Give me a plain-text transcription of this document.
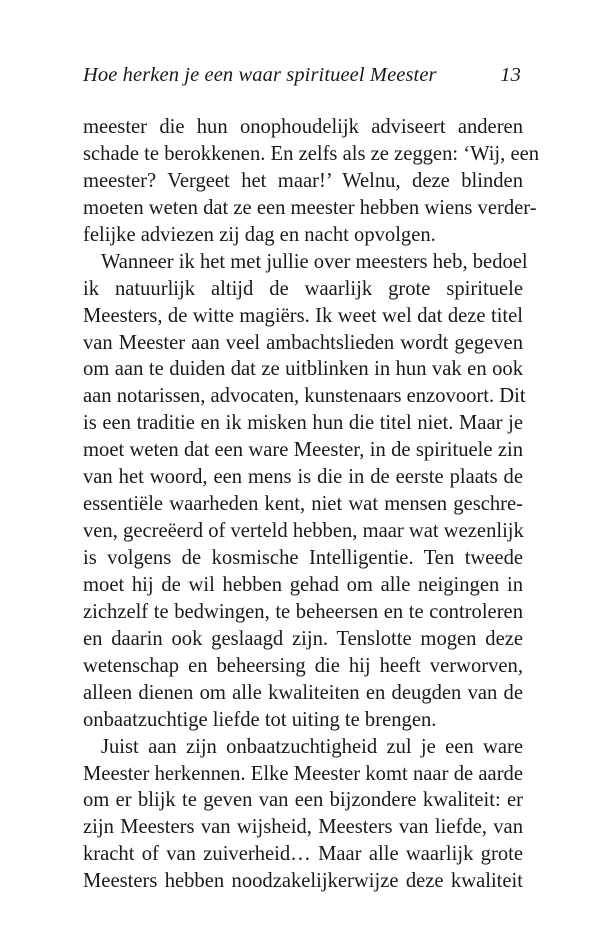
Hoe herken je een waar spiritueel Meester	13
meester die hun onophoudelijk adviseert anderen
schade te berokkenen. En zelfs als ze zeggen: ‘Wij, een
meester? Vergeet het maar!’ Welnu, deze blinden
moeten weten dat ze een meester hebben wiens verder-
felijke adviezen zij dag en nacht opvolgen.
Wanneer ik het met jullie over meesters heb, bedoel
ik natuurlijk altijd de waarlijk grote spirituele
Meesters, de witte magiërs. Ik weet wel dat deze titel
van Meester aan veel ambachtslieden wordt gegeven
om aan te duiden dat ze uitblinken in hun vak en ook
aan notarissen, advocaten, kunstenaars enzovoort. Dit
is een traditie en ik misken hun die titel niet. Maar je
moet weten dat een ware Meester, in de spirituele zin
van het woord, een mens is die in de eerste plaats de
essentiële waarheden kent, niet wat mensen geschre-
ven, gecreëerd of verteld hebben, maar wat wezenlijk
is volgens de kosmische Intelligentie. Ten tweede
moet hij de wil hebben gehad om alle neigingen in
zichzelf te bedwingen, te beheersen en te controleren
en daarin ook geslaagd zijn. Tenslotte mogen deze
wetenschap en beheersing die hij heeft verworven,
alleen dienen om alle kwaliteiten en deugden van de
onbaatzuchtige liefde tot uiting te brengen.
Juist aan zijn onbaatzuchtigheid zul je een ware
Meester herkennen. Elke Meester komt naar de aarde
om er blijk te geven van een bijzondere kwaliteit: er
zijn Meesters van wijsheid, Meesters van liefde, van
kracht of van zuiverheid… Maar alle waarlijk grote
Meesters hebben noodzakelijkerwijze deze kwaliteit
